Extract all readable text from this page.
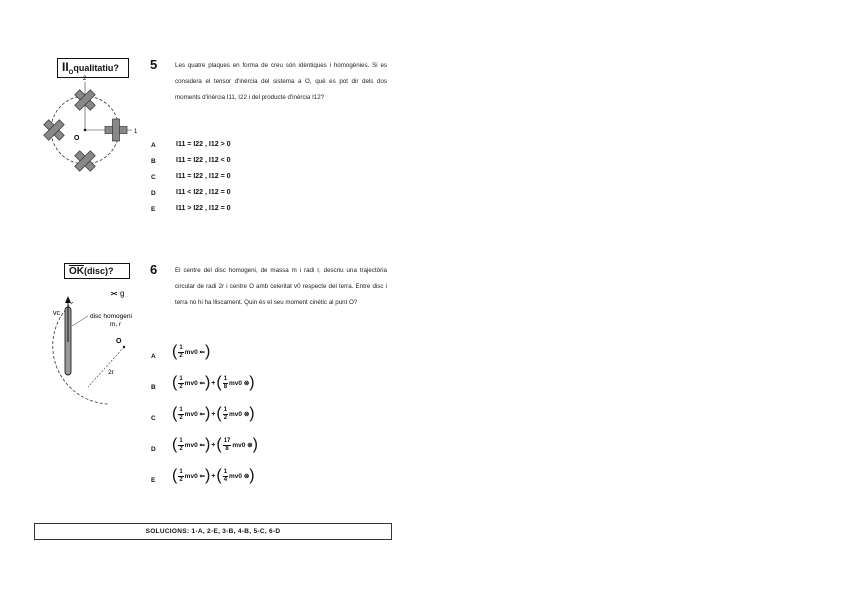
$II_Oqualitatiu$?
2
O
1
5	Les quatre plaques en forma de creu són idèntiques i homogènies. Si es considera el tensor d'inèrcia del sistema a O, què es pot dir dels dos moments d'inèrcia I11, I22 i del producte d'inèrcia I12?
A	I11 = I22 , I12 > 0
B	I11 = I22 , I12 < 0
C	I11 = I22 , I12 = 0
D	I11 < I22 , I12 = 0
E	I11 > I22 , I12 = 0
$\overline{OK}(disc)$?
g
vc	disc homogeni
m, r
O
2r
6	El centre del disc homogeni, de massa m i radi r, descriu una trajectòria circular de radi 2r i centre O amb celeritat v0 respecte del terra. Entre disc i terra no hi ha lliscament. Quin és el seu moment cinètic al punt O?
A ( $\frac{1}{2} mv0$ ⇐ )
B ( $\frac{1}{2} mv0$ ⇐ ) + ( $\frac{1}{8} mv0$ ⊗ )
C ( $\frac{1}{2} mv0$ ⇐ ) + ( $\frac{1}{2} mv0$ ⊗ )
D ( $\frac{1}{2} mv0$ ⇐ ) + ( $\frac{17}{8} mv0$ ⊗ )
E ( $\frac{1}{2} mv0$ ⇐ ) + ( $\frac{1}{4} mv0$ ⊗ )
SOLUCIONS: 1-A, 2-E, 3-B, 4-B, 5-C, 6-D
